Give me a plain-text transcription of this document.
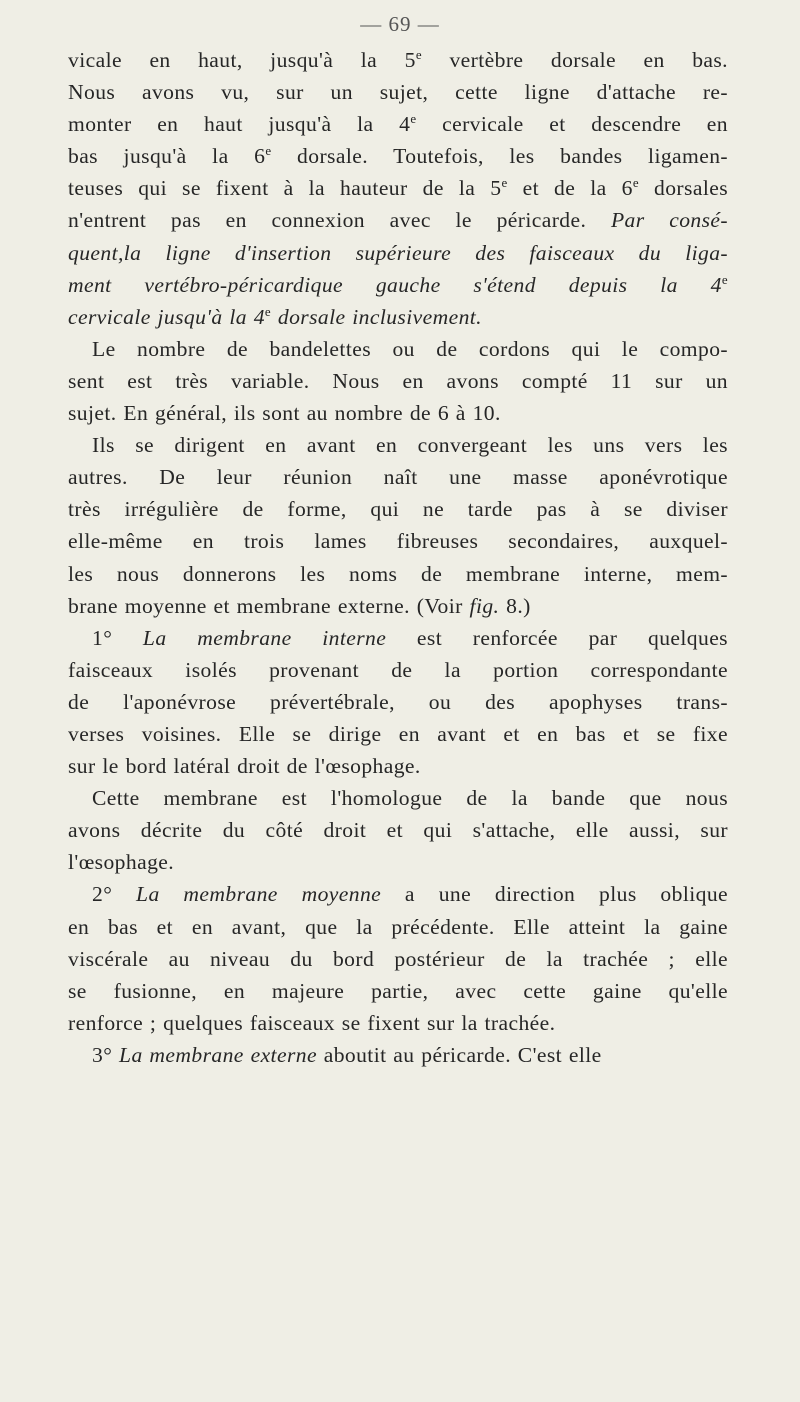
— 69 —
vicale en haut, jusqu'à la 5e vertèbre dorsale en bas.
Nous avons vu, sur un sujet, cette ligne d'attache re-
monter en haut jusqu'à la 4e cervicale et descendre en
bas jusqu'à la 6e dorsale. Toutefois, les bandes ligamen-
teuses qui se fixent à la hauteur de la 5e et de la 6e dorsales
n'entrent pas en connexion avec le péricarde. Par consé-
quent,la ligne d'insertion supérieure des faisceaux du liga-
ment vertébro-péricardique gauche s'étend depuis la 4e
cervicale jusqu'à la 4e dorsale inclusivement.
Le nombre de bandelettes ou de cordons qui le compo-
sent est très variable. Nous en avons compté 11 sur un
sujet. En général, ils sont au nombre de 6 à 10.
Ils se dirigent en avant en convergeant les uns vers les
autres. De leur réunion naît une masse aponévrotique
très irrégulière de forme, qui ne tarde pas à se diviser
elle-même en trois lames fibreuses secondaires, auxquel-
les nous donnerons les noms de membrane interne, mem-
brane moyenne et membrane externe. (Voir fig. 8.)
1° La membrane interne est renforcée par quelques
faisceaux isolés provenant de la portion correspondante
de l'aponévrose prévertébrale, ou des apophyses trans-
verses voisines. Elle se dirige en avant et en bas et se fixe
sur le bord latéral droit de l'œsophage.
Cette membrane est l'homologue de la bande que nous
avons décrite du côté droit et qui s'attache, elle aussi, sur
l'œsophage.
2° La membrane moyenne a une direction plus oblique
en bas et en avant, que la précédente. Elle atteint la gaine
viscérale au niveau du bord postérieur de la trachée ; elle
se fusionne, en majeure partie, avec cette gaine qu'elle
renforce ; quelques faisceaux se fixent sur la trachée.
3° La membrane externe aboutit au péricarde. C'est elle
